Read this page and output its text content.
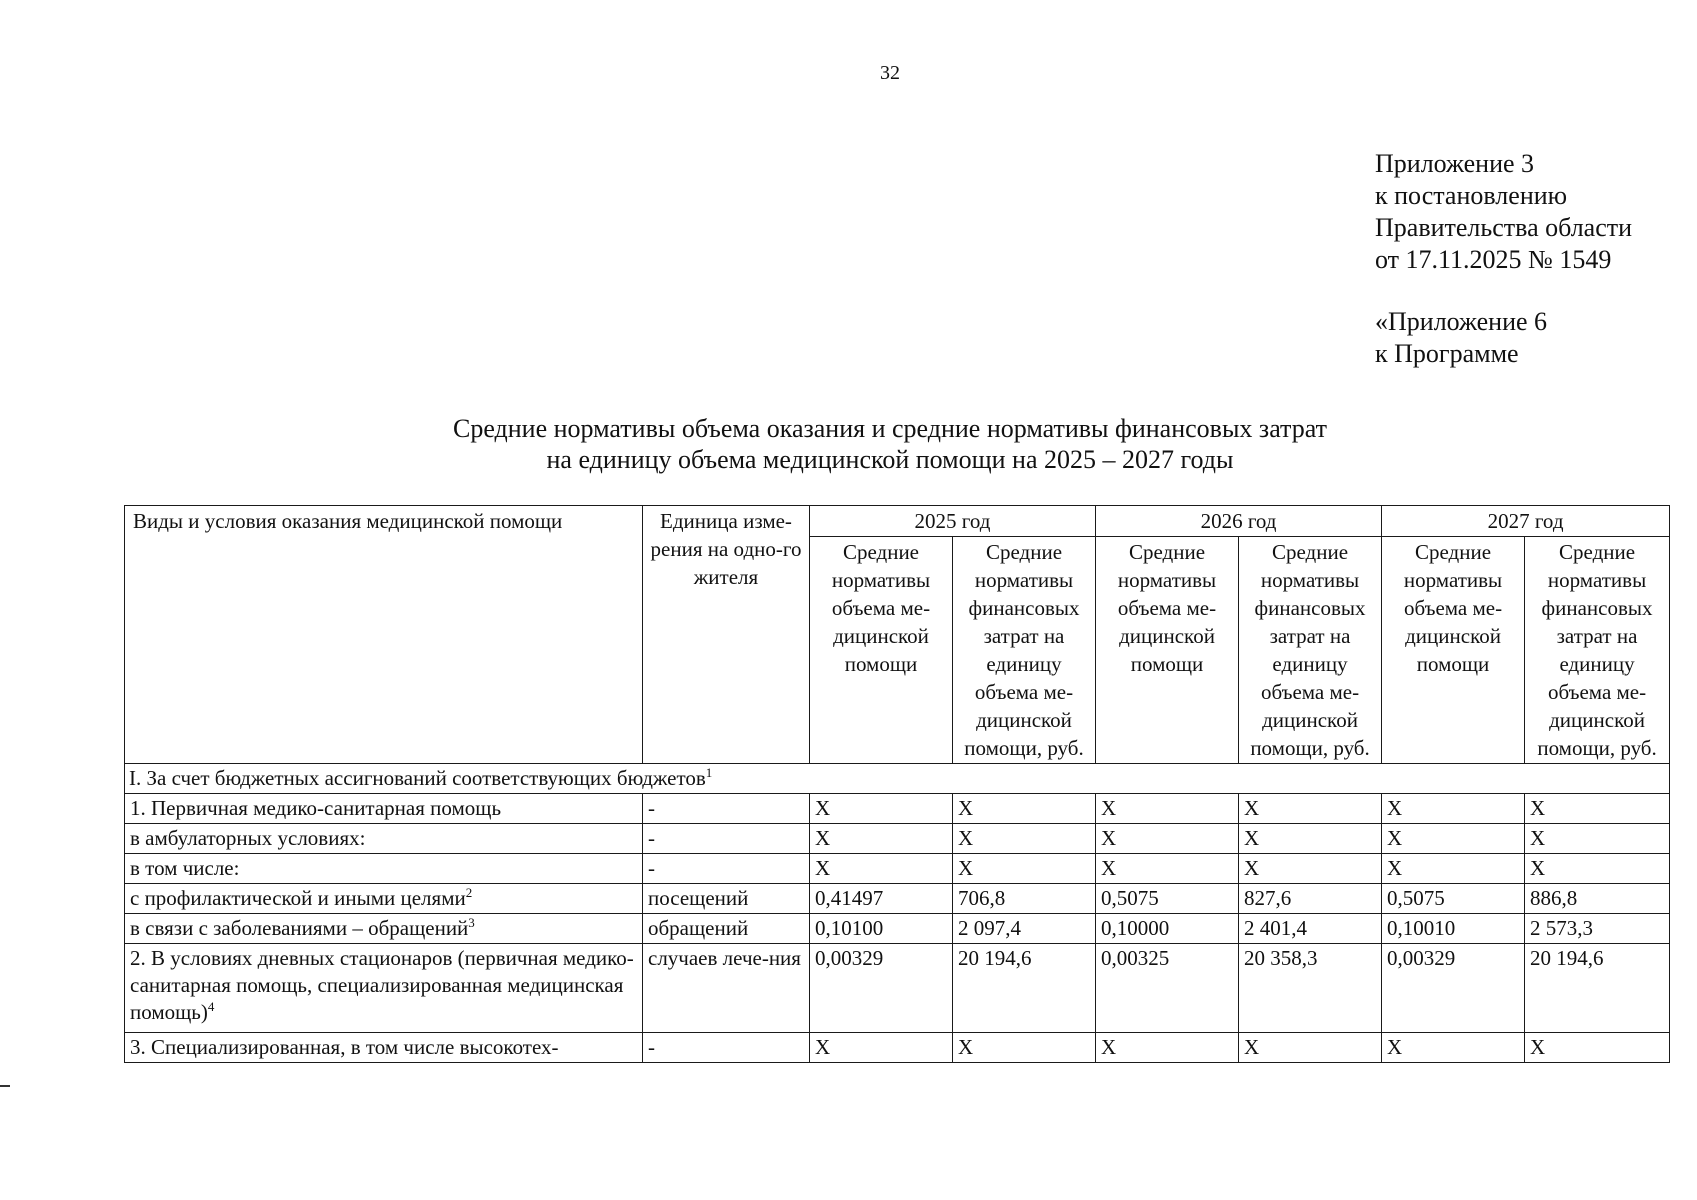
32
Приложение 3
к постановлению
Правительства области
от 17.11.2025 № 1549
«Приложение 6
к Программе
Средние нормативы объема оказания и средние нормативы финансовых затрат
на единицу объема медицинской помощи на 2025 – 2027 годы
Виды и условия оказания медицинской помощи	Единица изме-рения на одно-го жителя	2025 год		2026 год		2027 год	
		Средние нормативы объема ме-дицинской помощи	Средние нормативы финансовых затрат на единицу объема ме-дицинской помощи, руб.	Средние нормативы объема ме-дицинской помощи	Средние нормативы финансовых затрат на единицу объема ме-дицинской помощи, руб.	Средние нормативы объема ме-дицинской помощи	Средние нормативы финансовых затрат на единицу объема ме-дицинской помощи, руб.
I. За счет бюджетных ассигнований соответствующих бюджетов$^1$
1. Первичная медико-санитарная помощь	-	X	X	X	X	X	X
в амбулаторных условиях:	-	X	X	X	X	X	X
в том числе:	-	X	X	X	X	X	X
с профилактической и иными целями$^2$	посещений	0,41497	706,8	0,5075	827,6	0,5075	886,8
в связи с заболеваниями – обращений$^3$	обращений	0,10100	2 097,4	0,10000	2 401,4	0,10010	2 573,3
2. В условиях дневных стационаров (первичная медико-санитарная помощь, специализированная медицинская помощь)$^4$	случаев лече-ния	0,00329	20 194,6	0,00325	20 358,3	0,00329	20 194,6
3. Специализированная, в том числе высокотех-	-	X	X	X	X	X	X
